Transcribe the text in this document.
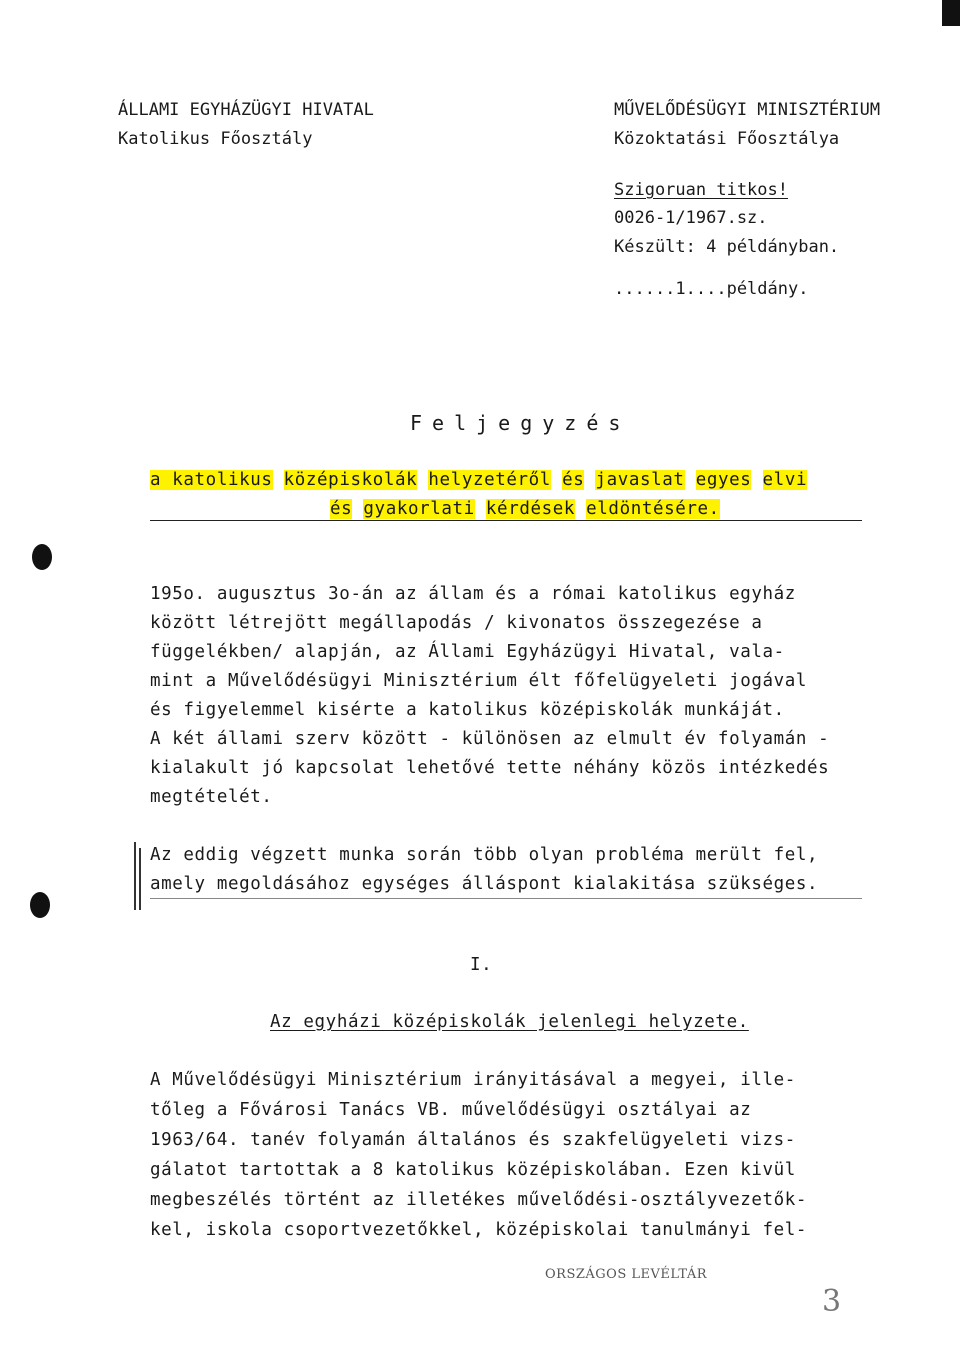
ÁLLAMI EGYHÁZÜGYI HIVATAL
Katolikus Főosztály
MŰVELŐDÉSÜGYI MINISZTÉRIUM
Közoktatási Főosztálya
Szigoruan titkos!
0026-1/1967.sz.
Készült: 4 példányban.
......1....példány.
Feljegyzés
a katolikus középiskolák helyzetéről és javaslat egyes elvi
és gyakorlati kérdések eldöntésére.
195o. augusztus 3o-án az állam és a római katolikus egyház
között létrejött megállapodás / kivonatos összegezése a
függelékben/ alapján, az Állami Egyházügyi Hivatal, vala-
mint a Művelődésügyi Minisztérium élt főfelügyeleti jogával
és figyelemmel kisérte a katolikus középiskolák munkáját.
A két állami szerv között - különösen az elmult év folyamán -
kialakult jó kapcsolat lehetővé tette néhány közös intézkedés
megtételét.
Az eddig végzett munka során több olyan probléma merült fel,
amely megoldásához egységes álláspont kialakitása szükséges.
I.
Az egyházi középiskolák jelenlegi helyzete.
A Művelődésügyi Minisztérium irányitásával a megyei, ille-
tőleg a Fővárosi Tanács VB. művelődésügyi osztályai az
1963/64. tanév folyamán általános és szakfelügyeleti vizs-
gálatot tartottak a 8 katolikus középiskolában. Ezen kivül
megbeszélés történt az illetékes művelődési-osztályvezetők-
kel, iskola csoportvezetőkkel, középiskolai tanulmányi fel-
ORSZÁGOS LEVÉLTÁR
3
